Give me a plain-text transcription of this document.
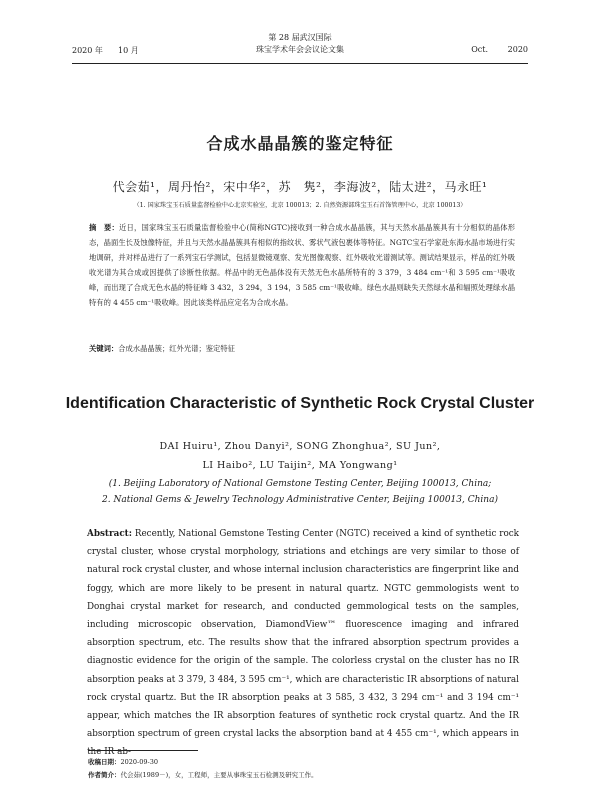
第 28 届武汉国际
珠宝学术年会会议论文集
2020 年 10 月	Oct. 2020
合成水晶晶簇的鉴定特征
代会茹¹，周丹怡²，宋中华²，苏　隽²，李海波²，陆太进²，马永旺¹
（1. 国家珠宝玉石质量监督检验中心北京实验室，北京 100013；2. 自然资源部珠宝玉石首饰管理中心，北京 100013）
摘　要：近日，国家珠宝玉石质量监督检验中心(简称NGTC)接收到一种合成水晶晶簇，其与天然水晶晶簇具有十分相似的晶体形态，晶面生长及蚀像特征，并且与天然水晶晶簇具有相似的指纹状、雾状气液包裹体等特征。NGTC宝石学家赴东海水晶市场进行实地调研，并对样品进行了一系列宝石学测试，包括显微镜观察、发光图像观察、红外吸收光谱测试等。测试结果显示，样品的红外吸收光谱为其合成或因提供了诊断性依据。样品中的无色晶体没有天然无色水晶所特有的 3 379，3 484 cm⁻¹和 3 595 cm⁻¹吸收峰，而出现了合成无色水晶的特征峰 3 432，3 294，3 194，3 585 cm⁻¹吸收峰。绿色水晶则缺失天然绿水晶和辐照处理绿水晶特有的 4 455 cm⁻¹吸收峰。因此该类样品应定名为合成水晶。
关键词：合成水晶晶簇；红外光谱；鉴定特征
Identification Characteristic of Synthetic Rock Crystal Cluster
DAI Huiru¹, Zhou Danyi², SONG Zhonghua², SU Jun²,
LI Haibo², LU Taijin², MA Yongwang¹
(1. Beijing Laboratory of National Gemstone Testing Center, Beijing 100013, China;
2. National Gems & Jewelry Technology Administrative Center, Beijing 100013, China)
Abstract: Recently, National Gemstone Testing Center (NGTC) received a kind of synthetic rock crystal cluster, whose crystal morphology, striations and etchings are very similar to those of natural rock crystal cluster, and whose internal inclusion characteristics are fingerprint like and foggy, which are more likely to be present in natural quartz. NGTC gemmologists went to Donghai crystal market for research, and conducted gemmological tests on the samples, including microscopic observation, DiamondView™ fluorescence imaging and infrared absorption spectrum, etc. The results show that the infrared absorption spectrum provides a diagnostic evidence for the origin of the sample. The colorless crystal on the cluster has no IR absorption peaks at 3 379, 3 484, 3 595 cm⁻¹, which are characteristic IR absorptions of natural rock crystal quartz. But the IR absorption peaks at 3 585, 3 432, 3 294 cm⁻¹ and 3 194 cm⁻¹ appear, which matches the IR absorption features of synthetic rock crystal quartz. And the IR absorption spectrum of green crystal lacks the absorption band at 4 455 cm⁻¹, which appears in the IR ab-
收稿日期：2020-09-30
作者简介：代会茹(1989－)，女，工程师，主要从事珠宝玉石检测及研究工作。
